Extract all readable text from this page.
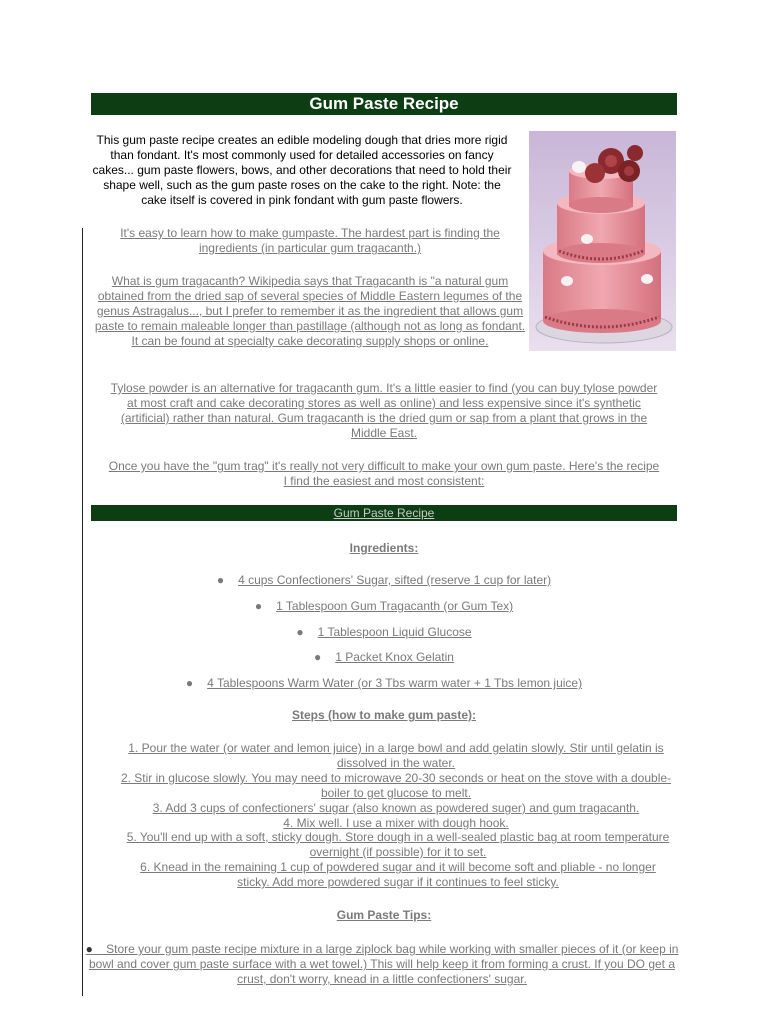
Gum Paste Recipe

This gum paste recipe creates an edible modeling dough that dries more rigid than fondant. It's most commonly used for detailed accessories on fancy cakes... gum paste flowers, bows, and other decorations that need to hold their shape well, such as the gum paste roses on the cake to the right. Note: the cake itself is covered in pink fondant with gum paste flowers.

It's easy to learn how to make gumpaste. The hardest part is finding the ingredients (in particular gum tragacanth.)

What is gum tragacanth? Wikipedia says that Tragacanth is "a natural gum obtained from the dried sap of several species of Middle Eastern legumes of the genus Astragalus..., but I prefer to remember it as the ingredient that allows gum paste to remain maleable longer than pastillage (although not as long as fondant. It can be found at specialty cake decorating supply shops or online.

Tylose powder is an alternative for tragacanth gum. It's a little easier to find (you can buy tylose powder at most craft and cake decorating stores as well as online) and less expensive since it's synthetic (artificial) rather than natural. Gum tragacanth is the dried gum or sap from a plant that grows in the Middle East.

Once you have the "gum trag" it's really not very difficult to make your own gum paste. Here's the recipe I find the easiest and most consistent:

Gum Paste Recipe

Ingredients:

● 4 cups Confectioners' Sugar, sifted (reserve 1 cup for later)

● 1 Tablespoon Gum Tragacanth (or Gum Tex)

● 1 Tablespoon Liquid Glucose

● 1 Packet Knox Gelatin

● 4 Tablespoons Warm Water (or 3 Tbs warm water + 1 Tbs lemon juice)

Steps (how to make gum paste):

1. Pour the water (or water and lemon juice) in a large bowl and add gelatin slowly. Stir until gelatin is dissolved in the water.

2. Stir in glucose slowly. You may need to microwave 20-30 seconds or heat on the stove with a double-boiler to get glucose to melt.

3. Add 3 cups of confectioners' sugar (also known as powdered suger) and gum tragacanth.

4. Mix well. I use a mixer with dough hook.

5. You'll end up with a soft, sticky dough. Store dough in a well-sealed plastic bag at room temperature overnight (if possible) for it to set.

6. Knead in the remaining 1 cup of powdered sugar and it will become soft and pliable - no longer sticky. Add more powdered sugar if it continues to feel sticky.

Gum Paste Tips:

● Store your gum paste recipe mixture in a large ziplock bag while working with smaller pieces of it (or keep in bowl and cover gum paste surface with a wet towel.) This will help keep it from forming a crust. If you DO get a crust, don't worry, knead in a little confectioners' sugar.
